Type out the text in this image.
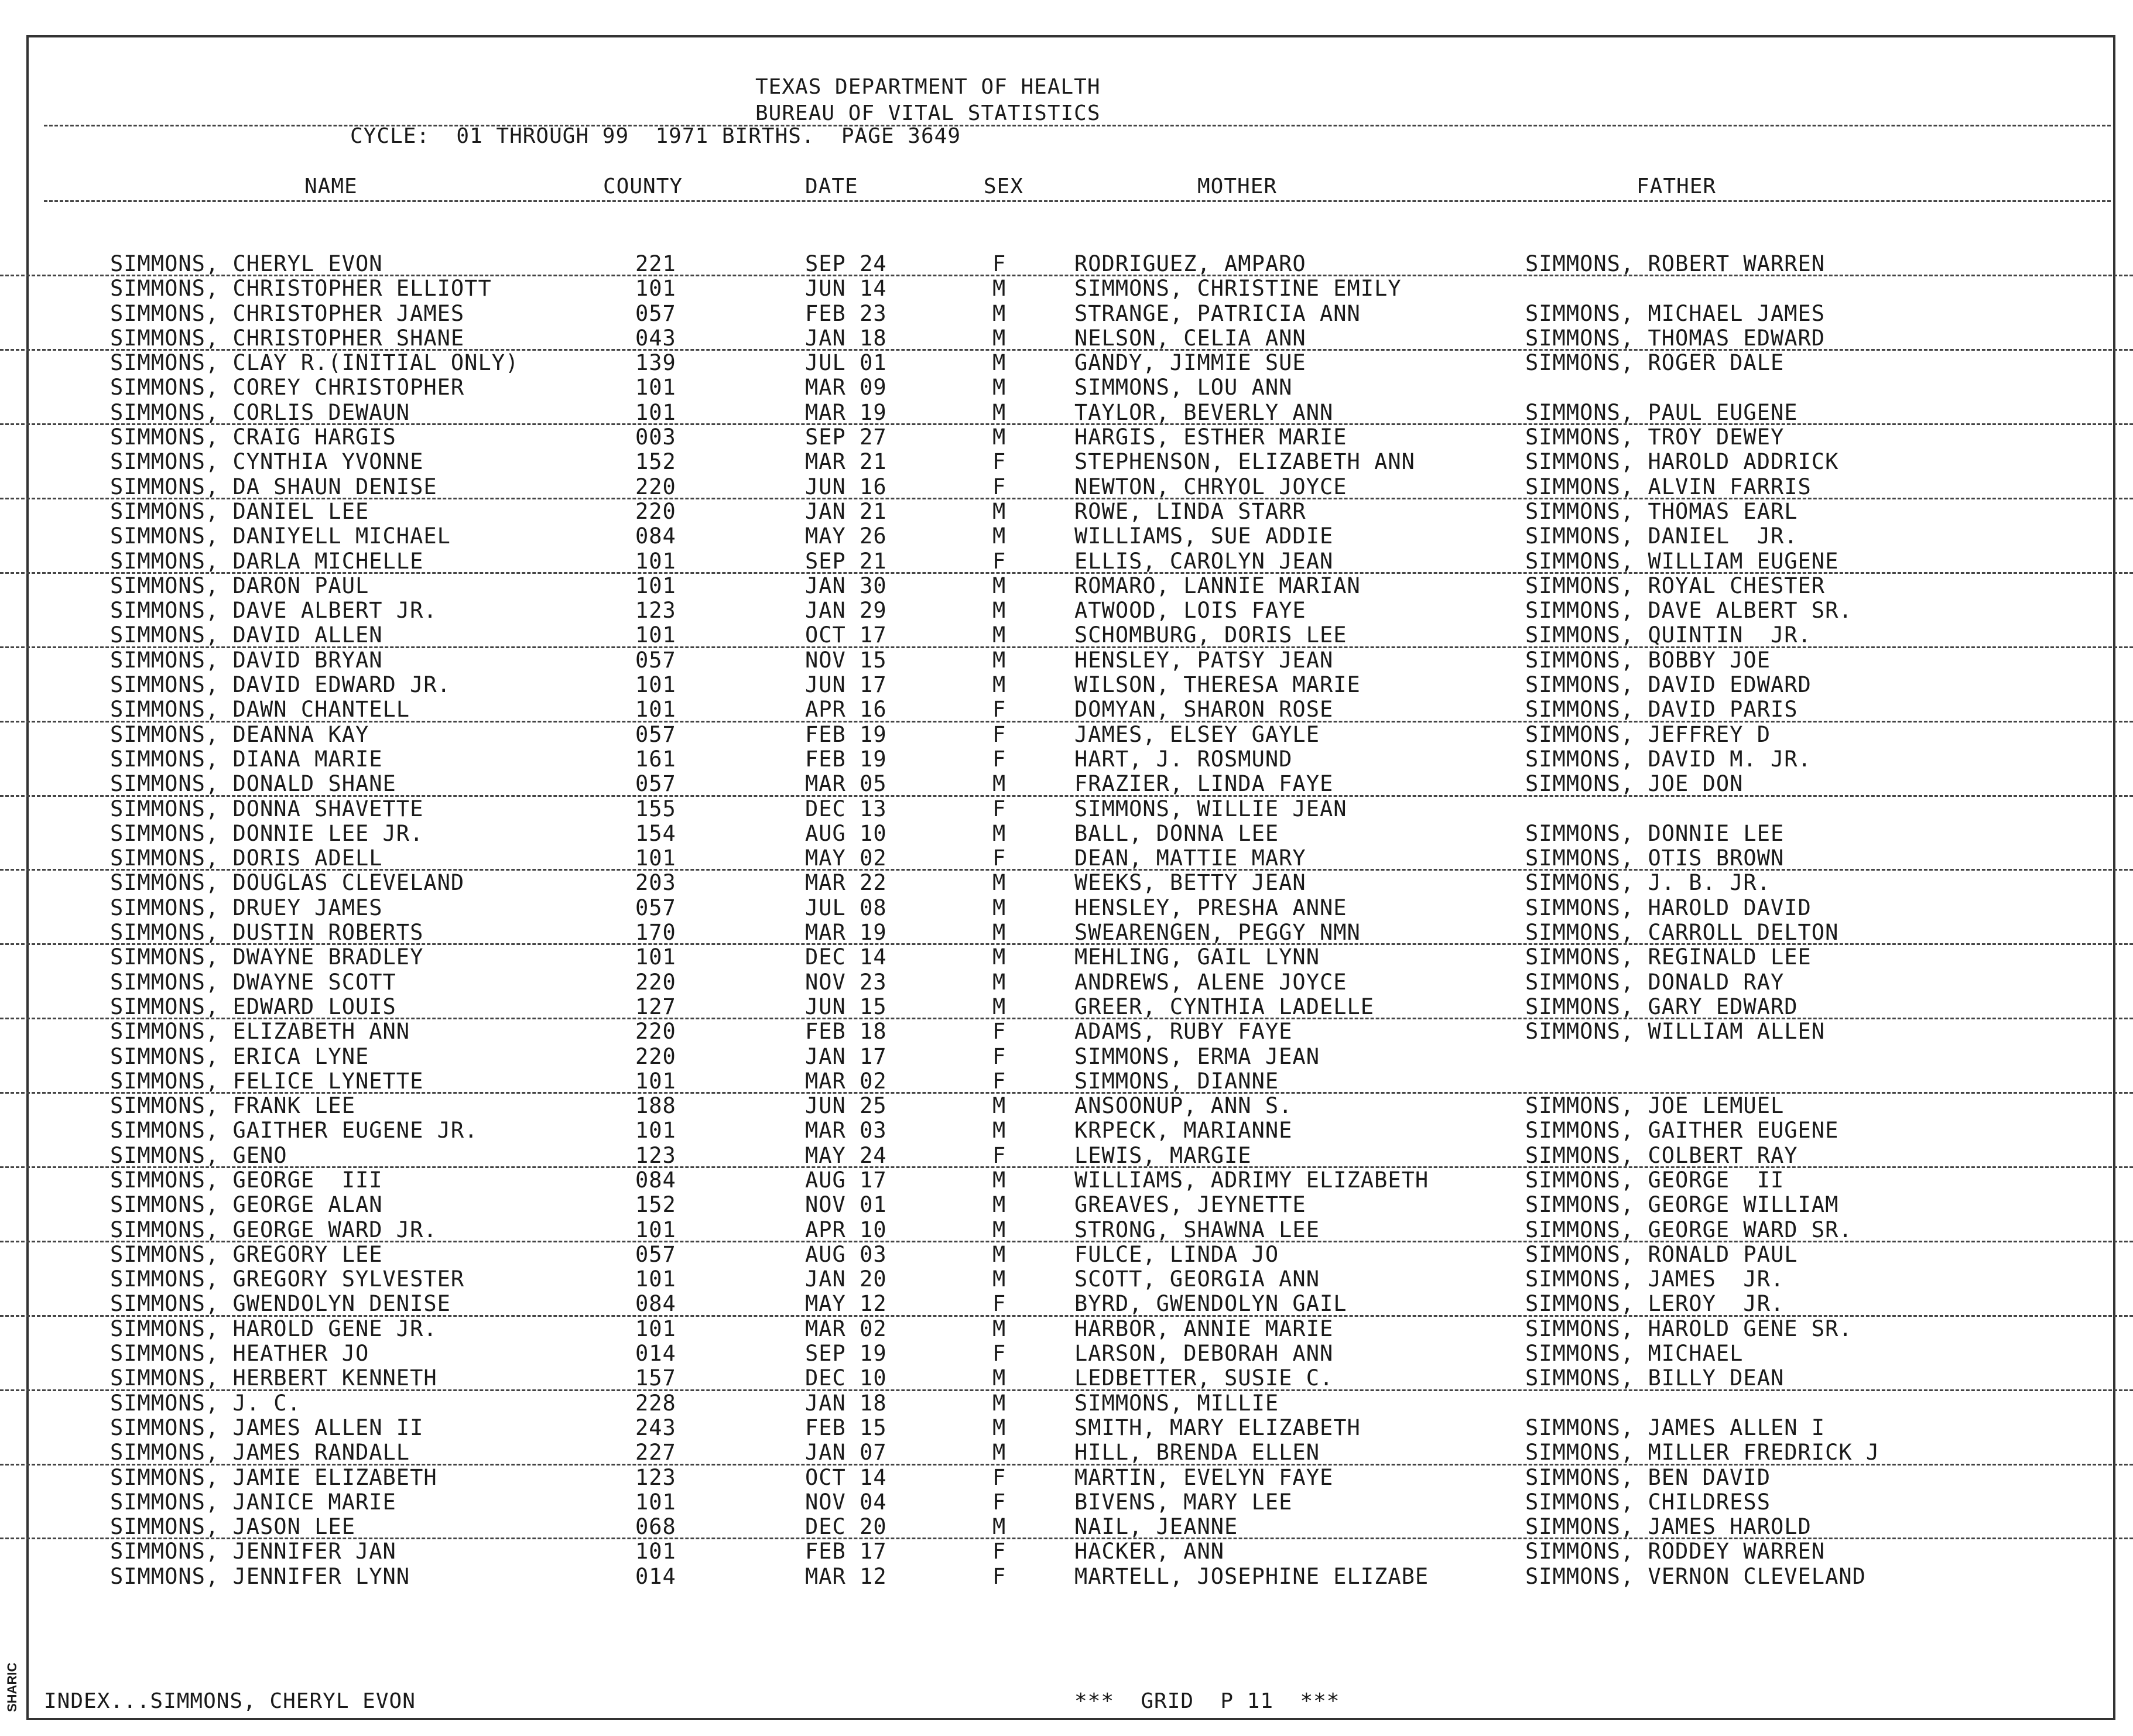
SHARIC
TEXAS DEPARTMENT OF HEALTH
BUREAU OF VITAL STATISTICS
CYCLE:  01 THROUGH 99  1971 BIRTHS.  PAGE 3649
NAME	COUNTY	DATE	SEX	MOTHER	FATHER
SIMMONS, CHERYL EVON	221	SEP 24	F	RODRIGUEZ, AMPARO	SIMMONS, ROBERT WARREN
SIMMONS, CHRISTOPHER ELLIOTT	101	JUN 14	M	SIMMONS, CHRISTINE EMILY
SIMMONS, CHRISTOPHER JAMES	057	FEB 23	M	STRANGE, PATRICIA ANN	SIMMONS, MICHAEL JAMES
SIMMONS, CHRISTOPHER SHANE	043	JAN 18	M	NELSON, CELIA ANN	SIMMONS, THOMAS EDWARD
SIMMONS, CLAY R.(INITIAL ONLY)	139	JUL 01	M	GANDY, JIMMIE SUE	SIMMONS, ROGER DALE
SIMMONS, COREY CHRISTOPHER	101	MAR 09	M	SIMMONS, LOU ANN
SIMMONS, CORLIS DEWAUN	101	MAR 19	M	TAYLOR, BEVERLY ANN	SIMMONS, PAUL EUGENE
SIMMONS, CRAIG HARGIS	003	SEP 27	M	HARGIS, ESTHER MARIE	SIMMONS, TROY DEWEY
SIMMONS, CYNTHIA YVONNE	152	MAR 21	F	STEPHENSON, ELIZABETH ANN	SIMMONS, HAROLD ADDRICK
SIMMONS, DA SHAUN DENISE	220	JUN 16	F	NEWTON, CHRYOL JOYCE	SIMMONS, ALVIN FARRIS
SIMMONS, DANIEL LEE	220	JAN 21	M	ROWE, LINDA STARR	SIMMONS, THOMAS EARL
SIMMONS, DANIYELL MICHAEL	084	MAY 26	M	WILLIAMS, SUE ADDIE	SIMMONS, DANIEL  JR.
SIMMONS, DARLA MICHELLE	101	SEP 21	F	ELLIS, CAROLYN JEAN	SIMMONS, WILLIAM EUGENE
SIMMONS, DARON PAUL	101	JAN 30	M	ROMARO, LANNIE MARIAN	SIMMONS, ROYAL CHESTER
SIMMONS, DAVE ALBERT JR.	123	JAN 29	M	ATWOOD, LOIS FAYE	SIMMONS, DAVE ALBERT SR.
SIMMONS, DAVID ALLEN	101	OCT 17	M	SCHOMBURG, DORIS LEE	SIMMONS, QUINTIN  JR.
SIMMONS, DAVID BRYAN	057	NOV 15	M	HENSLEY, PATSY JEAN	SIMMONS, BOBBY JOE
SIMMONS, DAVID EDWARD JR.	101	JUN 17	M	WILSON, THERESA MARIE	SIMMONS, DAVID EDWARD
SIMMONS, DAWN CHANTELL	101	APR 16	F	DOMYAN, SHARON ROSE	SIMMONS, DAVID PARIS
SIMMONS, DEANNA KAY	057	FEB 19	F	JAMES, ELSEY GAYLE	SIMMONS, JEFFREY D
SIMMONS, DIANA MARIE	161	FEB 19	F	HART, J. ROSMUND	SIMMONS, DAVID M. JR.
SIMMONS, DONALD SHANE	057	MAR 05	M	FRAZIER, LINDA FAYE	SIMMONS, JOE DON
SIMMONS, DONNA SHAVETTE	155	DEC 13	F	SIMMONS, WILLIE JEAN
SIMMONS, DONNIE LEE JR.	154	AUG 10	M	BALL, DONNA LEE	SIMMONS, DONNIE LEE
SIMMONS, DORIS ADELL	101	MAY 02	F	DEAN, MATTIE MARY	SIMMONS, OTIS BROWN
SIMMONS, DOUGLAS CLEVELAND	203	MAR 22	M	WEEKS, BETTY JEAN	SIMMONS, J. B. JR.
SIMMONS, DRUEY JAMES	057	JUL 08	M	HENSLEY, PRESHA ANNE	SIMMONS, HAROLD DAVID
SIMMONS, DUSTIN ROBERTS	170	MAR 19	M	SWEARENGEN, PEGGY NMN	SIMMONS, CARROLL DELTON
SIMMONS, DWAYNE BRADLEY	101	DEC 14	M	MEHLING, GAIL LYNN	SIMMONS, REGINALD LEE
SIMMONS, DWAYNE SCOTT	220	NOV 23	M	ANDREWS, ALENE JOYCE	SIMMONS, DONALD RAY
SIMMONS, EDWARD LOUIS	127	JUN 15	M	GREER, CYNTHIA LADELLE	SIMMONS, GARY EDWARD
SIMMONS, ELIZABETH ANN	220	FEB 18	F	ADAMS, RUBY FAYE	SIMMONS, WILLIAM ALLEN
SIMMONS, ERICA LYNE	220	JAN 17	F	SIMMONS, ERMA JEAN
SIMMONS, FELICE LYNETTE	101	MAR 02	F	SIMMONS, DIANNE
SIMMONS, FRANK LEE	188	JUN 25	M	ANSOONUP, ANN S.	SIMMONS, JOE LEMUEL
SIMMONS, GAITHER EUGENE JR.	101	MAR 03	M	KRPECK, MARIANNE	SIMMONS, GAITHER EUGENE
SIMMONS, GENO	123	MAY 24	F	LEWIS, MARGIE	SIMMONS, COLBERT RAY
SIMMONS, GEORGE  III	084	AUG 17	M	WILLIAMS, ADRIMY ELIZABETH	SIMMONS, GEORGE  II
SIMMONS, GEORGE ALAN	152	NOV 01	M	GREAVES, JEYNETTE	SIMMONS, GEORGE WILLIAM
SIMMONS, GEORGE WARD JR.	101	APR 10	M	STRONG, SHAWNA LEE	SIMMONS, GEORGE WARD SR.
SIMMONS, GREGORY LEE	057	AUG 03	M	FULCE, LINDA JO	SIMMONS, RONALD PAUL
SIMMONS, GREGORY SYLVESTER	101	JAN 20	M	SCOTT, GEORGIA ANN	SIMMONS, JAMES  JR.
SIMMONS, GWENDOLYN DENISE	084	MAY 12	F	BYRD, GWENDOLYN GAIL	SIMMONS, LEROY  JR.
SIMMONS, HAROLD GENE JR.	101	MAR 02	M	HARBOR, ANNIE MARIE	SIMMONS, HAROLD GENE SR.
SIMMONS, HEATHER JO	014	SEP 19	F	LARSON, DEBORAH ANN	SIMMONS, MICHAEL
SIMMONS, HERBERT KENNETH	157	DEC 10	M	LEDBETTER, SUSIE C.	SIMMONS, BILLY DEAN
SIMMONS, J. C.	228	JAN 18	M	SIMMONS, MILLIE
SIMMONS, JAMES ALLEN II	243	FEB 15	M	SMITH, MARY ELIZABETH	SIMMONS, JAMES ALLEN I
SIMMONS, JAMES RANDALL	227	JAN 07	M	HILL, BRENDA ELLEN	SIMMONS, MILLER FREDRICK J
SIMMONS, JAMIE ELIZABETH	123	OCT 14	F	MARTIN, EVELYN FAYE	SIMMONS, BEN DAVID
SIMMONS, JANICE MARIE	101	NOV 04	F	BIVENS, MARY LEE	SIMMONS, CHILDRESS
SIMMONS, JASON LEE	068	DEC 20	M	NAIL, JEANNE	SIMMONS, JAMES HAROLD
SIMMONS, JENNIFER JAN	101	FEB 17	F	HACKER, ANN	SIMMONS, RODDEY WARREN
SIMMONS, JENNIFER LYNN	014	MAR 12	F	MARTELL, JOSEPHINE ELIZABE	SIMMONS, VERNON CLEVELAND
INDEX...SIMMONS, CHERYL EVON	***  GRID  P 11  ***
